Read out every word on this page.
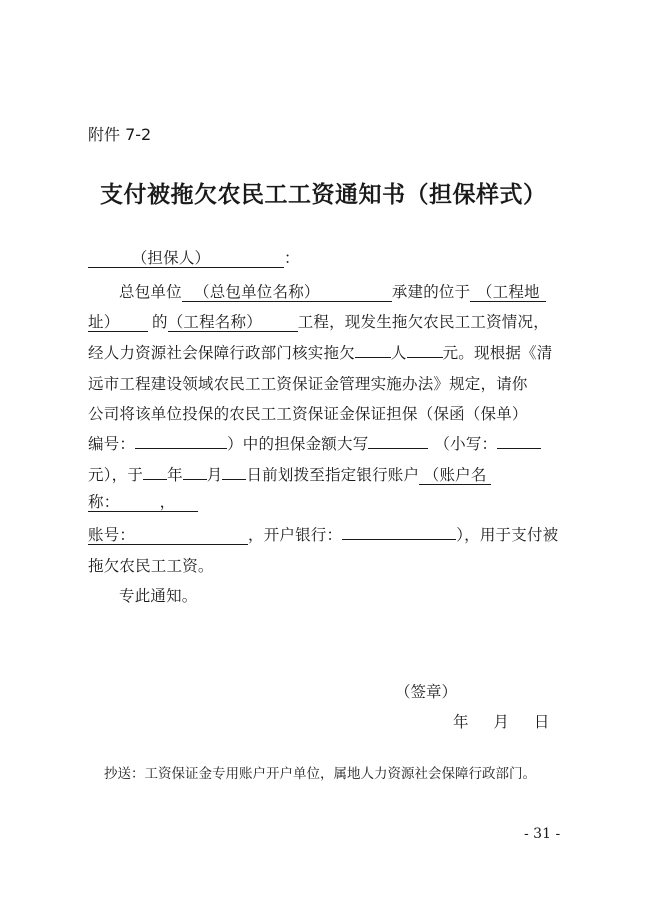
附件 7-2
支付被拖欠农民工工资通知书（担保样式）
（担保人）	：
总包单位 （总包单位名称）	承建的位于 （工程地
址） 的（工程名称） 工程，现发生拖欠农民工工资情况，
经人力资源社会保障行政部门核实拖欠 人 元。现根据《清
远市工程建设领域农民工工资保证金管理实施办法》规定，请你
公司将该单位投保的农民工工资保证金保证担保（保函（保单）
编号：	）中的担保金额大写	（小写：
元），于 年 月 日前划拨至指定银行账户 （账户名
称：	，
账号：	，开户银行：	），用于支付被
拖欠农民工工资。
专此通知。
（签章）
年 月 日
抄送：工资保证金专用账户开户单位，属地人力资源社会保障行政部门。
- 31 -
